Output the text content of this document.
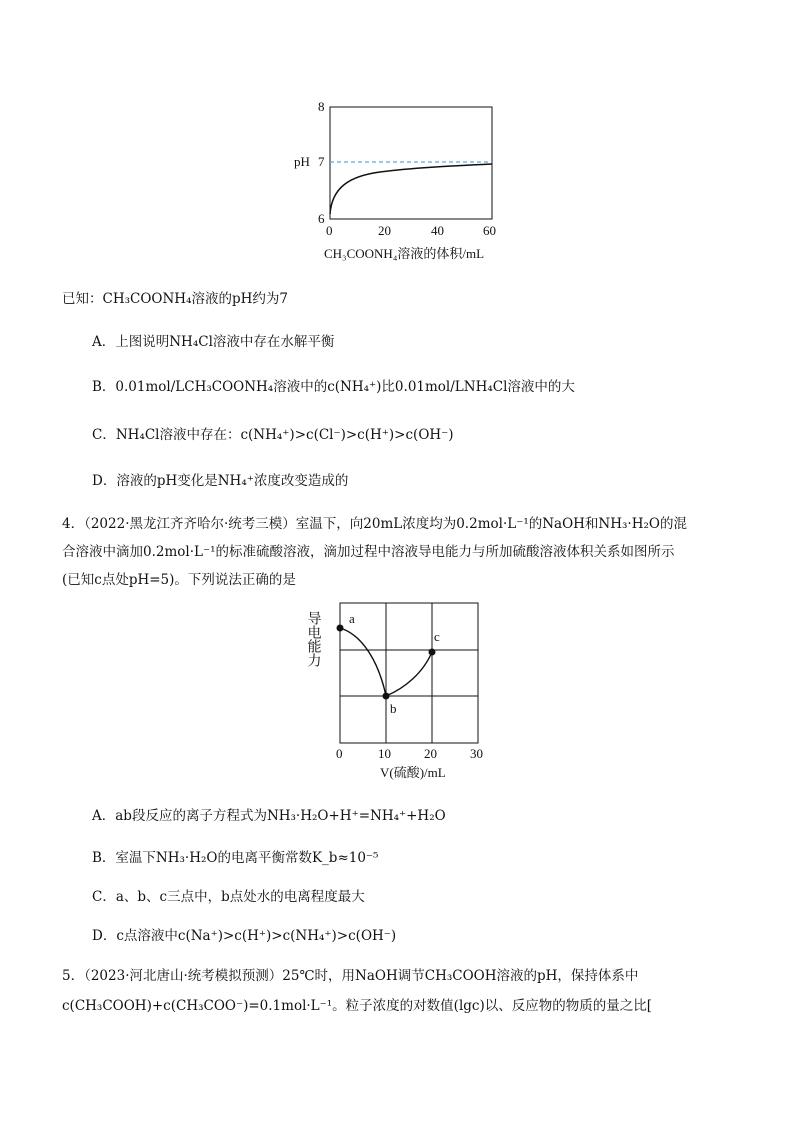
8
7
6
pH
0	20	40	60
CH₃COONH₄溶液的体积/mL
已知：CH₃COONH₄溶液的pH约为7
A．上图说明NH₄Cl溶液中存在水解平衡
B．0.01mol/LCH₃COONH₄溶液中的c(NH₄⁺)比0.01mol/LNH₄Cl溶液中的大
C．NH₄Cl溶液中存在：c(NH₄⁺)>c(Cl⁻)>c(H⁺)>c(OH⁻)
D．溶液的pH变化是NH₄⁺浓度改变造成的
4．（2022·黑龙江齐齐哈尔·统考三模）室温下，向20mL浓度均为0.2mol·L⁻¹的NaOH和NH₃·H₂O的混
合溶液中滴加0.2mol·L⁻¹的标准硫酸溶液，滴加过程中溶液导电能力与所加硫酸溶液体积关系如图所示
(已知c点处pH=5)。下列说法正确的是
导电能力 a
b
c
0	10	20	30
V(硫酸)/mL
A．ab段反应的离子方程式为NH₃·H₂O+H⁺=NH₄⁺+H₂O
B．室温下NH₃·H₂O的电离平衡常数K_b≈10⁻⁵
C．a、b、c三点中，b点处水的电离程度最大
D．c点溶液中c(Na⁺)>c(H⁺)>c(NH₄⁺)>c(OH⁻)
5．（2023·河北唐山·统考模拟预测）25℃时，用NaOH调节CH₃COOH溶液的pH，保持体系中
c(CH₃COOH)+c(CH₃COO⁻)=0.1mol·L⁻¹。粒子浓度的对数值(lgc)以、反应物的物质的量之比[
